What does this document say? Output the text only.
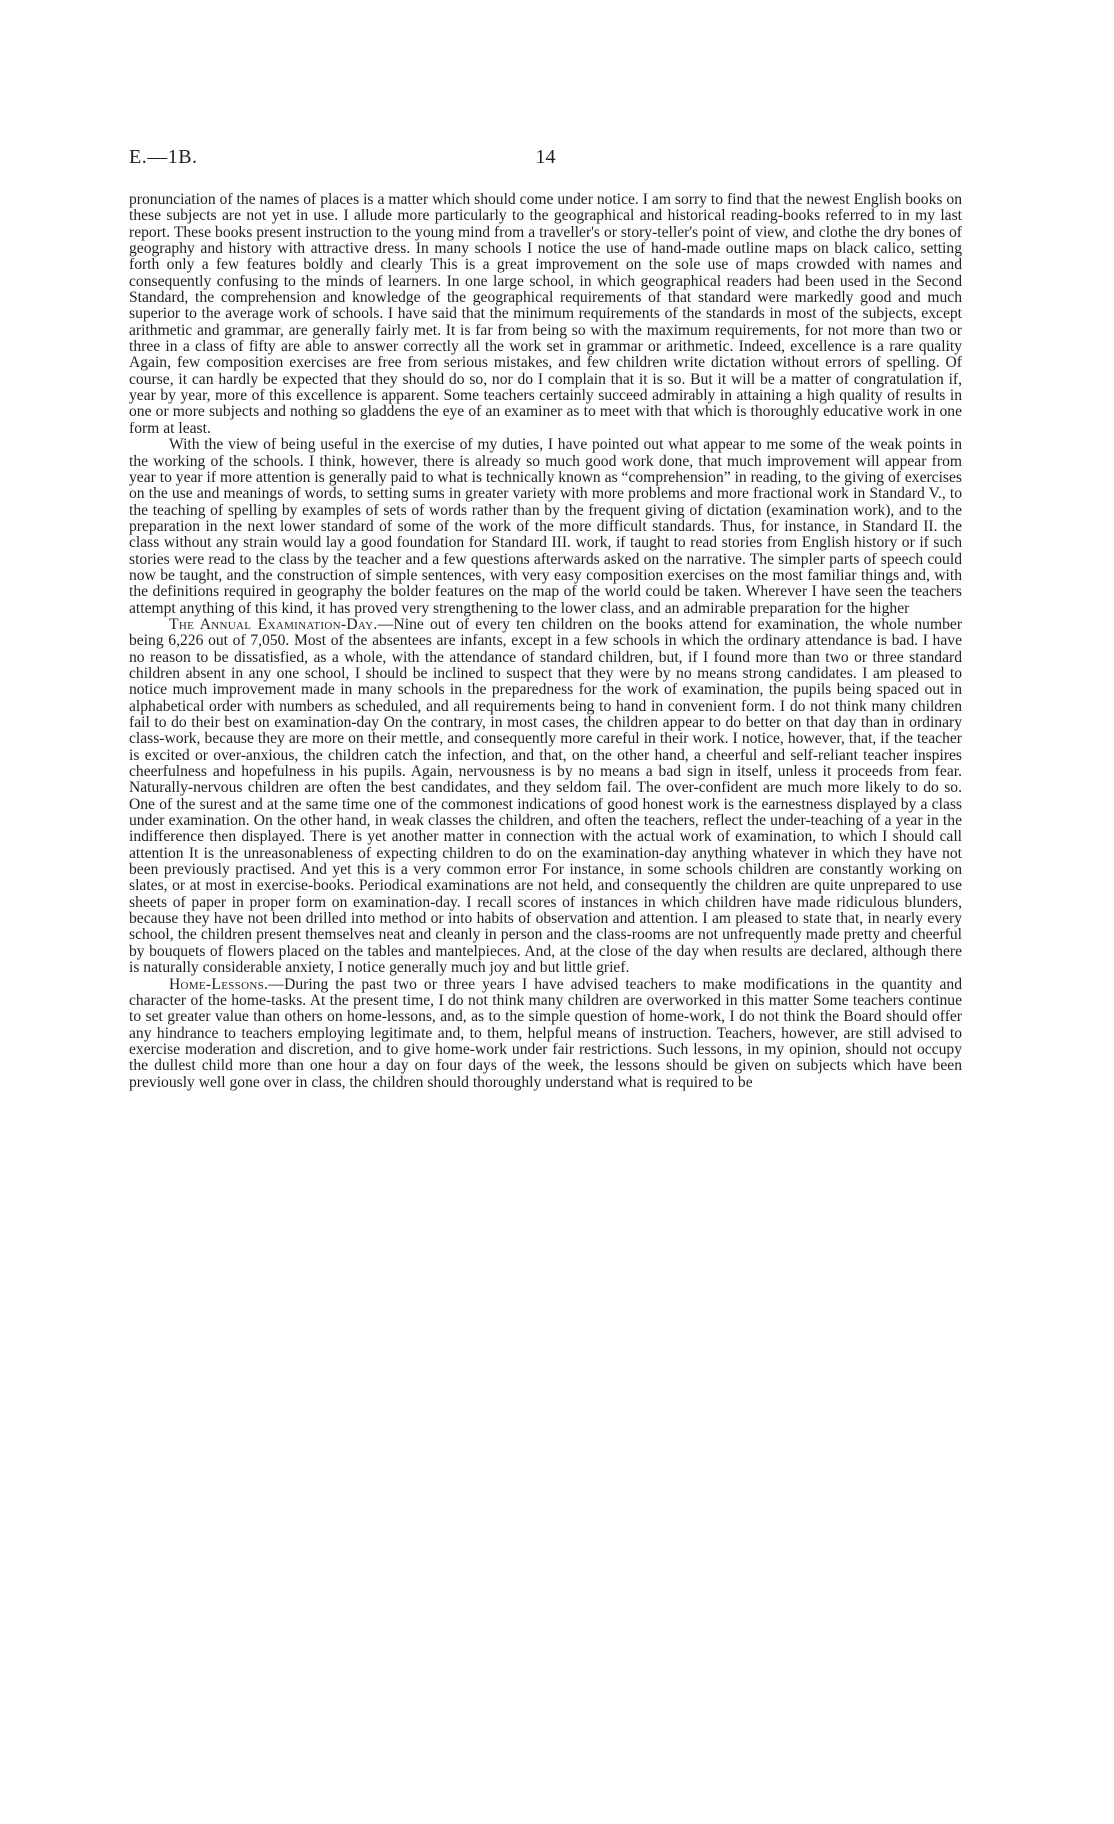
E.—1B.	14

pronunciation of the names of places is a matter which should come under notice. I am sorry to find that the newest English books on these subjects are not yet in use. I allude more particularly to the geographical and historical reading-books referred to in my last report. These books present instruction to the young mind from a traveller's or story-teller's point of view, and clothe the dry bones of geography and history with attractive dress. In many schools I notice the use of hand-made outline maps on black calico, setting forth only a few features boldly and clearly This is a great improvement on the sole use of maps crowded with names and consequently confusing to the minds of learners. In one large school, in which geographical readers had been used in the Second Standard, the comprehension and knowledge of the geographical requirements of that standard were markedly good and much superior to the average work of schools. I have said that the minimum requirements of the standards in most of the subjects, except arithmetic and grammar, are generally fairly met. It is far from being so with the maximum requirements, for not more than two or three in a class of fifty are able to answer correctly all the work set in grammar or arithmetic. Indeed, excellence is a rare quality Again, few composition exercises are free from serious mistakes, and few children write dictation without errors of spelling. Of course, it can hardly be expected that they should do so, nor do I complain that it is so. But it will be a matter of congratulation if, year by year, more of this excellence is apparent. Some teachers certainly succeed admirably in attaining a high quality of results in one or more subjects and nothing so gladdens the eye of an examiner as to meet with that which is thoroughly educative work in one form at least.

With the view of being useful in the exercise of my duties, I have pointed out what appear to me some of the weak points in the working of the schools. I think, however, there is already so much good work done, that much improvement will appear from year to year if more attention is generally paid to what is technically known as “comprehension” in reading, to the giving of exercises on the use and meanings of words, to setting sums in greater variety with more problems and more fractional work in Standard V., to the teaching of spelling by examples of sets of words rather than by the frequent giving of dictation (examination work), and to the preparation in the next lower standard of some of the work of the more difficult standards. Thus, for instance, in Standard II. the class without any strain would lay a good foundation for Standard III. work, if taught to read stories from English history or if such stories were read to the class by the teacher and a few questions afterwards asked on the narrative. The simpler parts of speech could now be taught, and the construction of simple sentences, with very easy composition exercises on the most familiar things and, with the definitions required in geography the bolder features on the map of the world could be taken. Wherever I have seen the teachers attempt anything of this kind, it has proved very strengthening to the lower class, and an admirable preparation for the higher

The Annual Examination-Day.—Nine out of every ten children on the books attend for examination, the whole number being 6,226 out of 7,050. Most of the absentees are infants, except in a few schools in which the ordinary attendance is bad. I have no reason to be dissatisfied, as a whole, with the attendance of standard children, but, if I found more than two or three standard children absent in any one school, I should be inclined to suspect that they were by no means strong candidates. I am pleased to notice much improvement made in many schools in the preparedness for the work of examination, the pupils being spaced out in alphabetical order with numbers as scheduled, and all requirements being to hand in convenient form. I do not think many children fail to do their best on examination-day On the contrary, in most cases, the children appear to do better on that day than in ordinary class-work, because they are more on their mettle, and consequently more careful in their work. I notice, however, that, if the teacher is excited or over-anxious, the children catch the infection, and that, on the other hand, a cheerful and self-reliant teacher inspires cheerfulness and hopefulness in his pupils. Again, nervousness is by no means a bad sign in itself, unless it proceeds from fear. Naturally-nervous children are often the best candidates, and they seldom fail. The over-confident are much more likely to do so. One of the surest and at the same time one of the commonest indications of good honest work is the earnestness displayed by a class under examination. On the other hand, in weak classes the children, and often the teachers, reflect the under-teaching of a year in the indifference then displayed. There is yet another matter in connection with the actual work of examination, to which I should call attention It is the unreasonableness of expecting children to do on the examination-day anything whatever in which they have not been previously practised. And yet this is a very common error For instance, in some schools children are constantly working on slates, or at most in exercise-books. Periodical examinations are not held, and consequently the children are quite unprepared to use sheets of paper in proper form on examination-day. I recall scores of instances in which children have made ridiculous blunders, because they have not been drilled into method or into habits of observation and attention. I am pleased to state that, in nearly every school, the children present themselves neat and cleanly in person and the class-rooms are not unfrequently made pretty and cheerful by bouquets of flowers placed on the tables and mantelpieces. And, at the close of the day when results are declared, although there is naturally considerable anxiety, I notice generally much joy and but little grief.

Home-Lessons.—During the past two or three years I have advised teachers to make modifications in the quantity and character of the home-tasks. At the present time, I do not think many children are overworked in this matter Some teachers continue to set greater value than others on home-lessons, and, as to the simple question of home-work, I do not think the Board should offer any hindrance to teachers employing legitimate and, to them, helpful means of instruction. Teachers, however, are still advised to exercise moderation and discretion, and to give home-work under fair restrictions. Such lessons, in my opinion, should not occupy the dullest child more than one hour a day on four days of the week, the lessons should be given on subjects which have been previously well gone over in class, the children should thoroughly understand what is required to be
